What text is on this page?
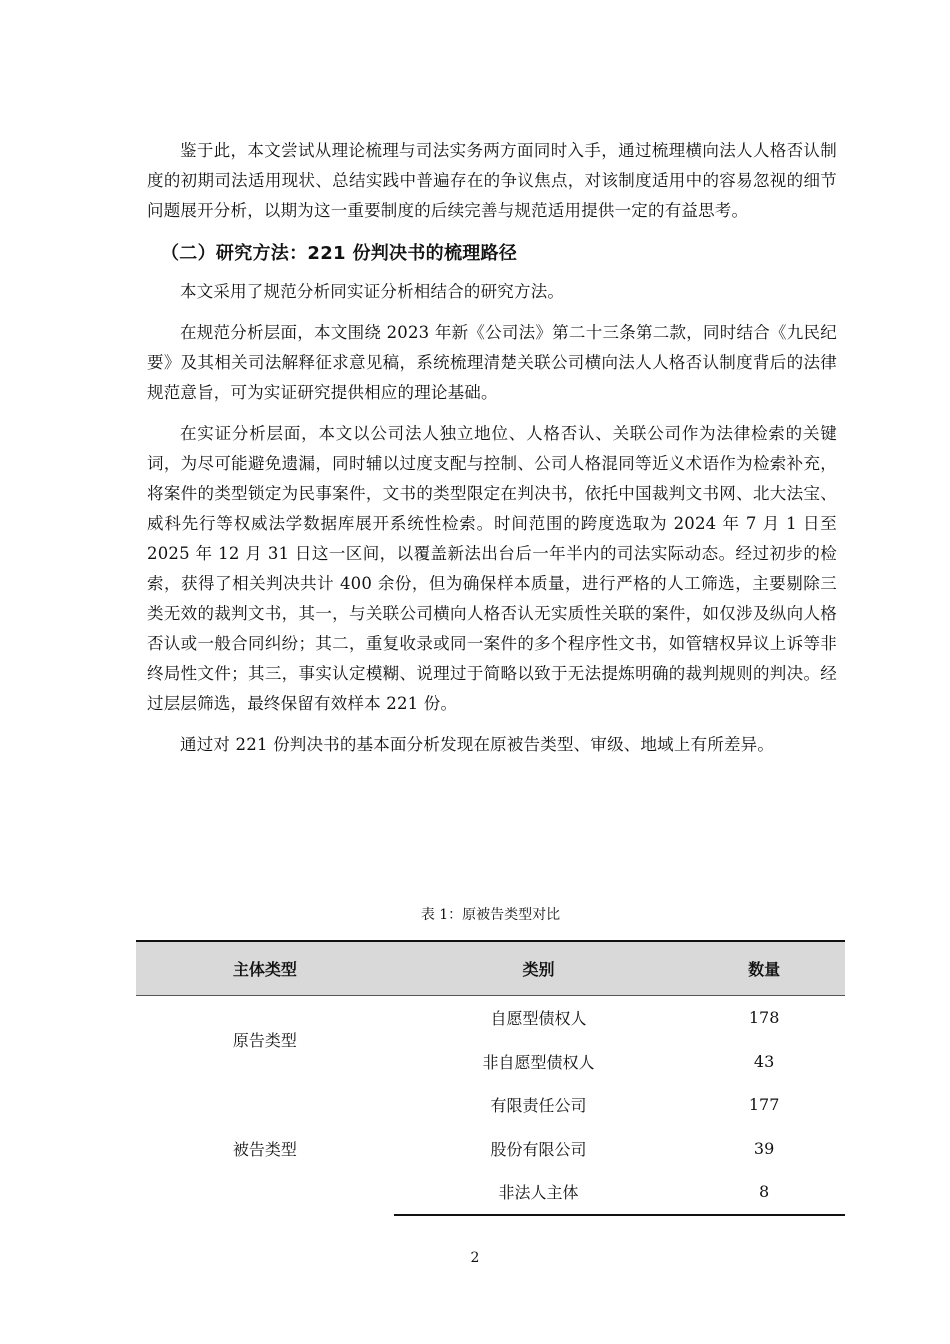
鉴于此，本文尝试从理论梳理与司法实务两方面同时入手，通过梳理横向法人人格否认制度的初期司法适用现状、总结实践中普遍存在的争议焦点，对该制度适用中的容易忽视的细节问题展开分析，以期为这一重要制度的后续完善与规范适用提供一定的有益思考。

（二）研究方法：221 份判决书的梳理路径

本文采用了规范分析同实证分析相结合的研究方法。

在规范分析层面，本文围绕 2023 年新《公司法》第二十三条第二款，同时结合《九民纪要》及其相关司法解释征求意见稿，系统梳理清楚关联公司横向法人人格否认制度背后的法律规范意旨，可为实证研究提供相应的理论基础。

在实证分析层面，本文以公司法人独立地位、人格否认、关联公司作为法律检索的关键词，为尽可能避免遗漏，同时辅以过度支配与控制、公司人格混同等近义术语作为检索补充，将案件的类型锁定为民事案件，文书的类型限定在判决书，依托中国裁判文书网、北大法宝、威科先行等权威法学数据库展开系统性检索。时间范围的跨度选取为 2024 年 7 月 1 日至 2025 年 12 月 31 日这一区间，以覆盖新法出台后一年半内的司法实际动态。经过初步的检索，获得了相关判决共计 400 余份，但为确保样本质量，进行严格的人工筛选，主要剔除三类无效的裁判文书，其一，与关联公司横向人格否认无实质性关联的案件，如仅涉及纵向人格否认或一般合同纠纷；其二，重复收录或同一案件的多个程序性文书，如管辖权异议上诉等非终局性文件；其三，事实认定模糊、说理过于简略以致于无法提炼明确的裁判规则的判决。经过层层筛选，最终保留有效样本 221 份。

通过对 221 份判决书的基本面分析发现在原被告类型、审级、地域上有所差异。

表 1：原被告类型对比
主体类型	类别	数量
原告类型	自愿型债权人	178
	非自愿型债权人	43
被告类型	有限责任公司	177
	股份有限公司	39
	非法人主体	8
2
